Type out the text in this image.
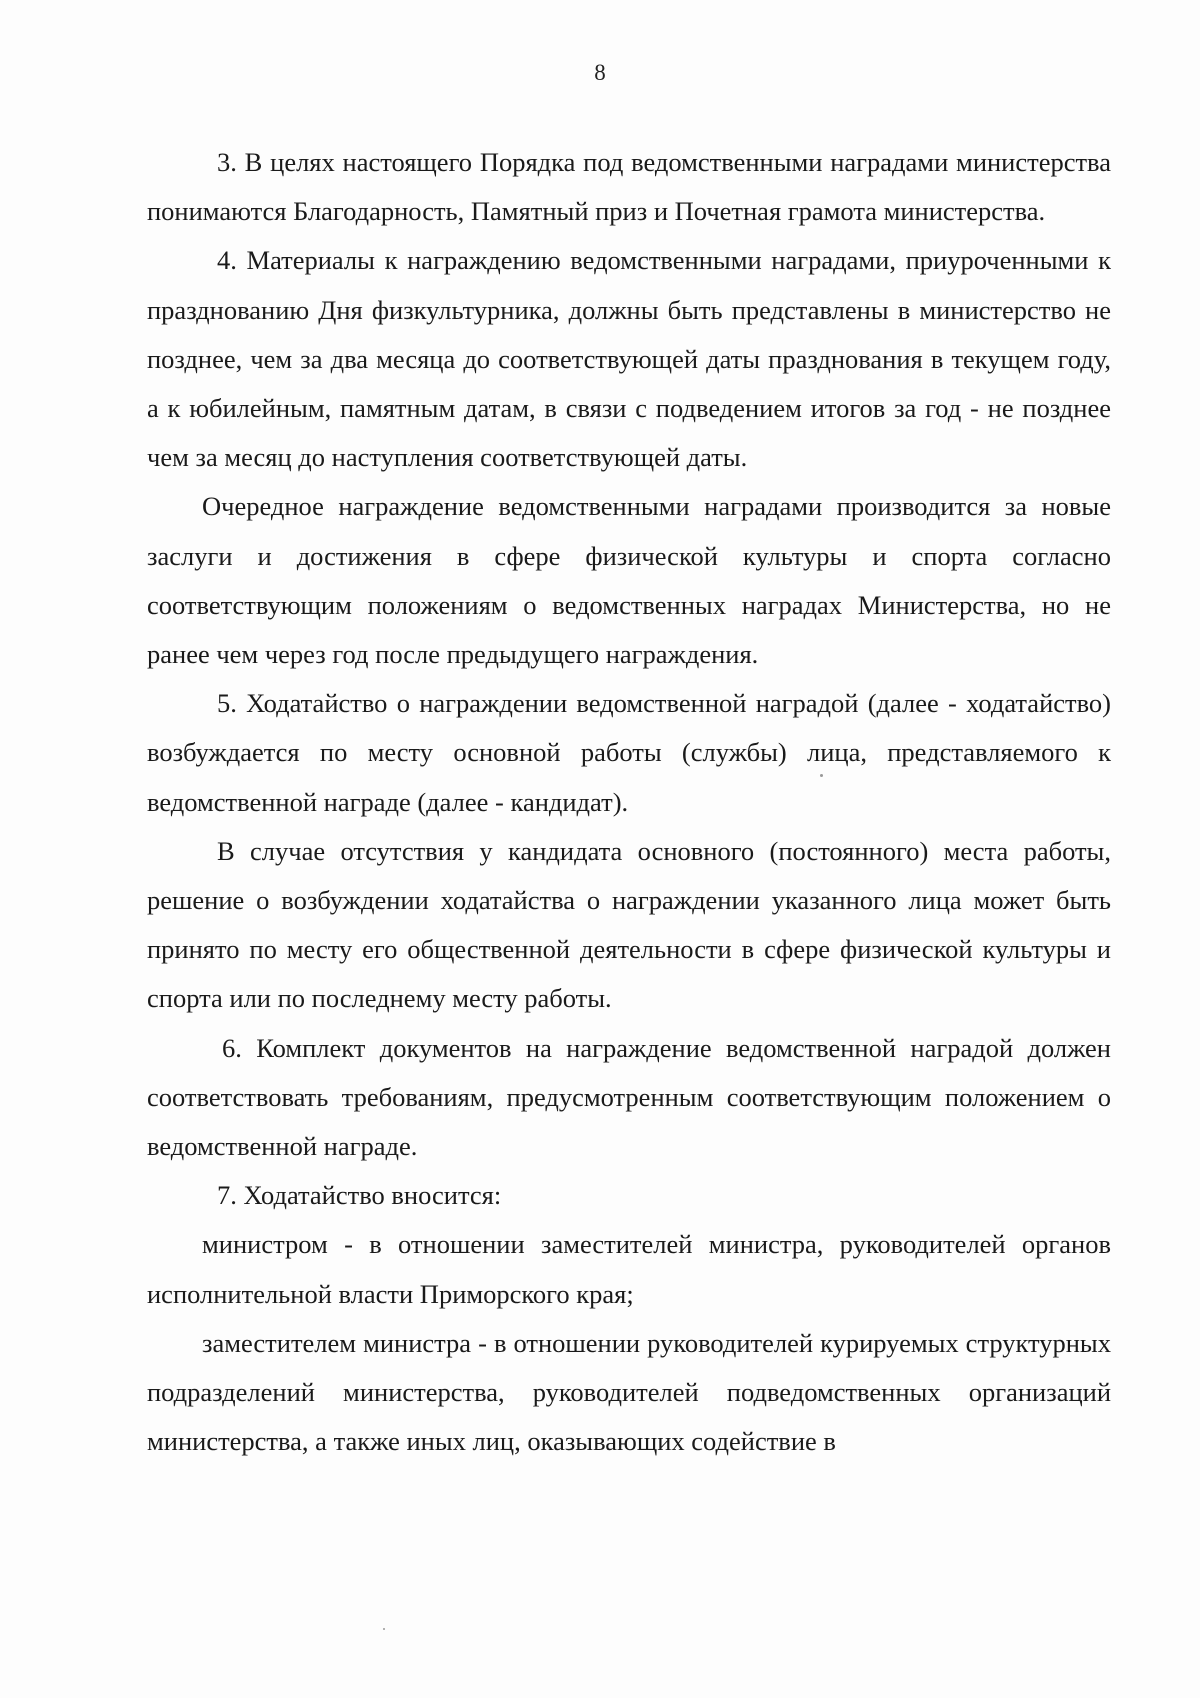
8

3. В целях настоящего Порядка под ведомственными наградами министерства понимаются Благодарность, Памятный приз и Почетная грамота министерства.

4. Материалы к награждению ведомственными наградами, приуроченными к празднованию Дня физкультурника, должны быть представлены в министерство не позднее, чем за два месяца до соответствующей даты празднования в текущем году, а к юбилейным, памятным датам, в связи с подведением итогов за год - не позднее чем за месяц до наступления соответствующей даты.

Очередное награждение ведомственными наградами производится за новые заслуги и достижения в сфере физической культуры и спорта согласно соответствующим положениям о ведомственных наградах Министерства, но не ранее чем через год после предыдущего награждения.

5. Ходатайство о награждении ведомственной наградой (далее - ходатайство) возбуждается по месту основной работы (службы) лица, представляемого к ведомственной награде (далее - кандидат).

В случае отсутствия у кандидата основного (постоянного) места работы, решение о возбуждении ходатайства о награждении указанного лица может быть принято по месту его общественной деятельности в сфере физической культуры и спорта или по последнему месту работы.

6. Комплект документов на награждение ведомственной наградой должен соответствовать требованиям, предусмотренным соответствующим положением о ведомственной награде.

7. Ходатайство вносится:

министром - в отношении заместителей министра, руководителей органов исполнительной власти Приморского края;

заместителем министра - в отношении руководителей курируемых структурных подразделений министерства, руководителей подведомственных организаций министерства, а также иных лиц, оказывающих содействие в
